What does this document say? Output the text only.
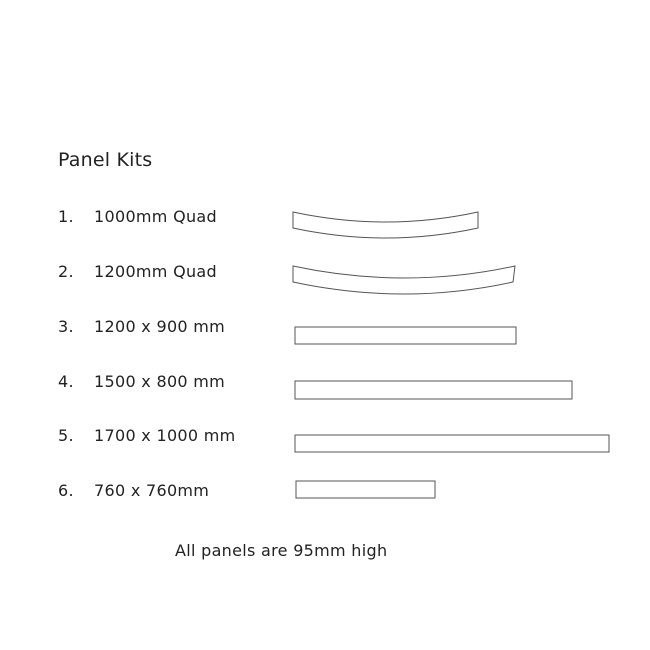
Panel Kits
1. 1000mm Quad
2. 1200mm Quad
3. 1200 x 900 mm
4. 1500 x 800 mm
5. 1700 x 1000 mm
6. 760 x 760mm
All panels are 95mm high
